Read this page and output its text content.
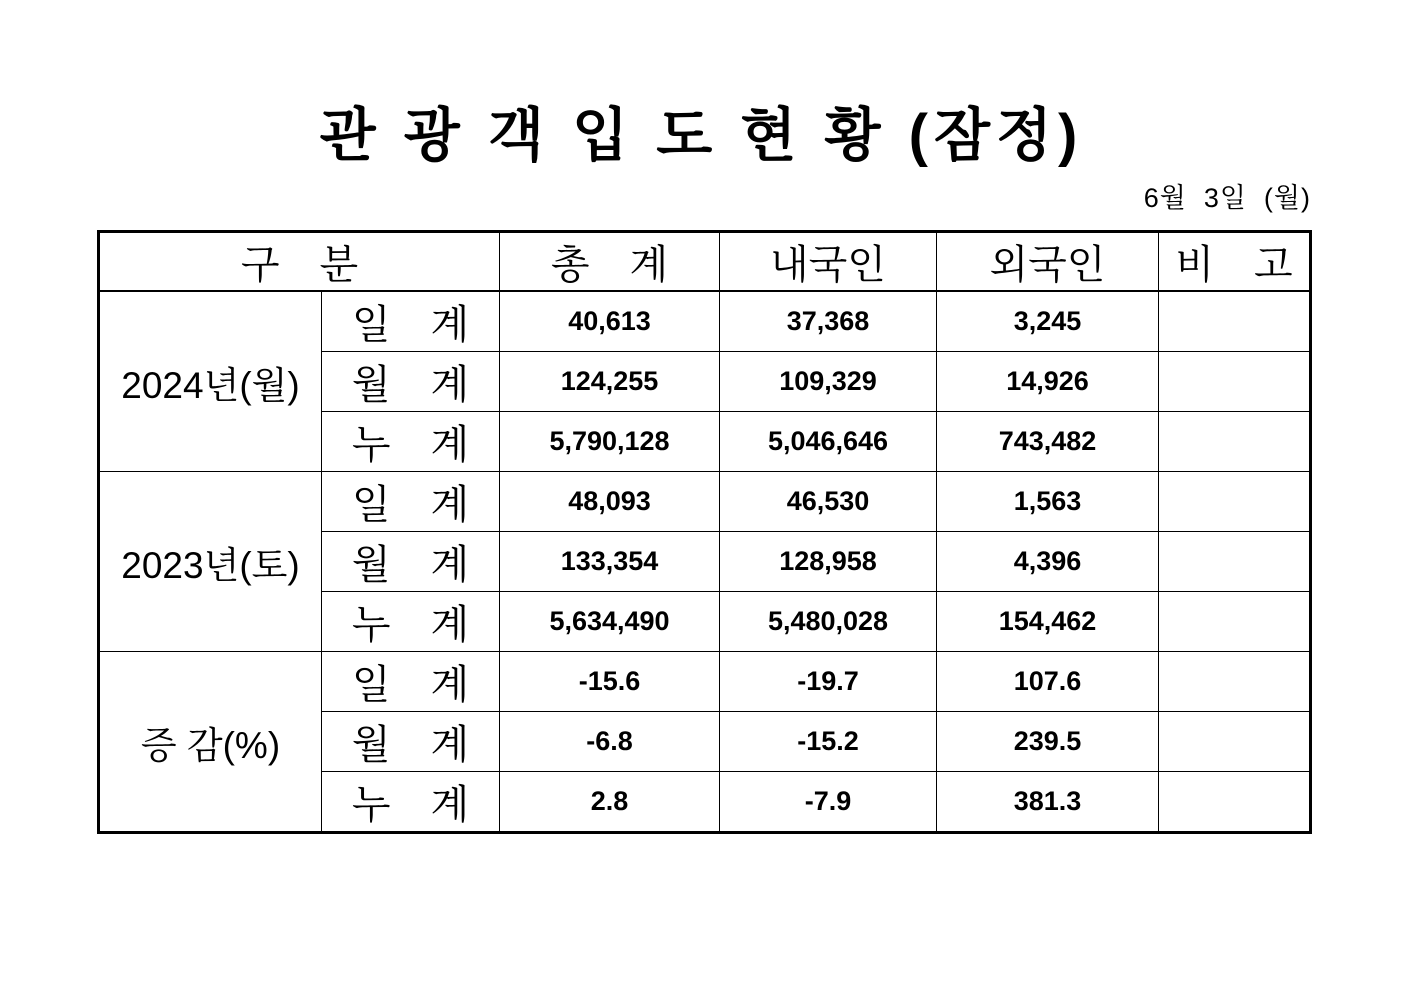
관 광 객 입 도 현 황 (잠정)
6월  3일  (월)
구　분		총　계	내국인	외국인	비　고
2024년(월)	일　계	40,613	37,368	3,245	
	월　계	124,255	109,329	14,926	
	누　계	5,790,128	5,046,646	743,482	
2023년(토)	일　계	48,093	46,530	1,563	
	월　계	133,354	128,958	4,396	
	누　계	5,634,490	5,480,028	154,462	
증 감(%)	일　계	-15.6	-19.7	107.6	
	월　계	-6.8	-15.2	239.5	
	누　계	2.8	-7.9	381.3	
